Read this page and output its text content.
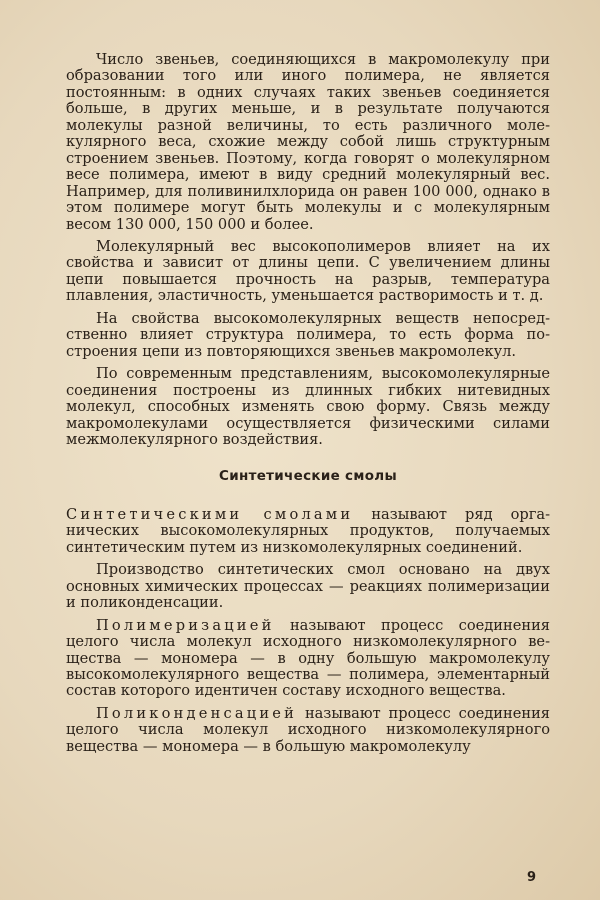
Число звеньев, соединяющихся в макромолекулу при образовании того или иного полимера, не является постоянным: в одних случаях таких звеньев соединяется больше, в других меньше, и в результате получаются молекулы разной величины, то есть различного молекулярного веса, схожие между собой лишь структурным строением звеньев. Поэтому, когда говорят о молекулярном весе полимера, имеют в виду средний молекулярный вес. Например, для поливинилхлорида он равен 100 000, однако в этом полимере могут быть молекулы и с молекулярным весом 130 000, 150 000 и более.

Молекулярный вес высокополимеров влияет на их свойства и зависит от длины цепи. С увеличением длины цепи повышается прочность на разрыв, температура плавления, эластичность, уменьшается растворимость и т. д.

На свойства высокомолекулярных веществ непосредственно влияет структура полимера, то есть форма построения цепи из повторяющихся звеньев макромолекул.

По современным представлениям, высокомолекулярные соединения построены из длинных гибких нитевидных молекул, способных изменять свою форму. Связь между макромолекулами осуществляется физическими силами межмолекулярного воздействия.

Синтетические смолы

Синтетическими смолами называют ряд органических высокомолекулярных продуктов, получаемых синтетическим путем из низкомолекулярных соединений.

Производство синтетических смол основано на двух основных химических процессах — реакциях полимеризации и поликонденсации.

Полимеризацией называют процесс соединения целого числа молекул исходного низкомолекулярного вещества — мономера — в одну большую макромолекулу высокомолекулярного вещества — полимера, элементарный состав которого идентичен составу исходного вещества.

Поликонденсацией называют процесс соединения целого числа молекул исходного низкомолекулярного вещества — мономера — в большую макромолекулу

9
